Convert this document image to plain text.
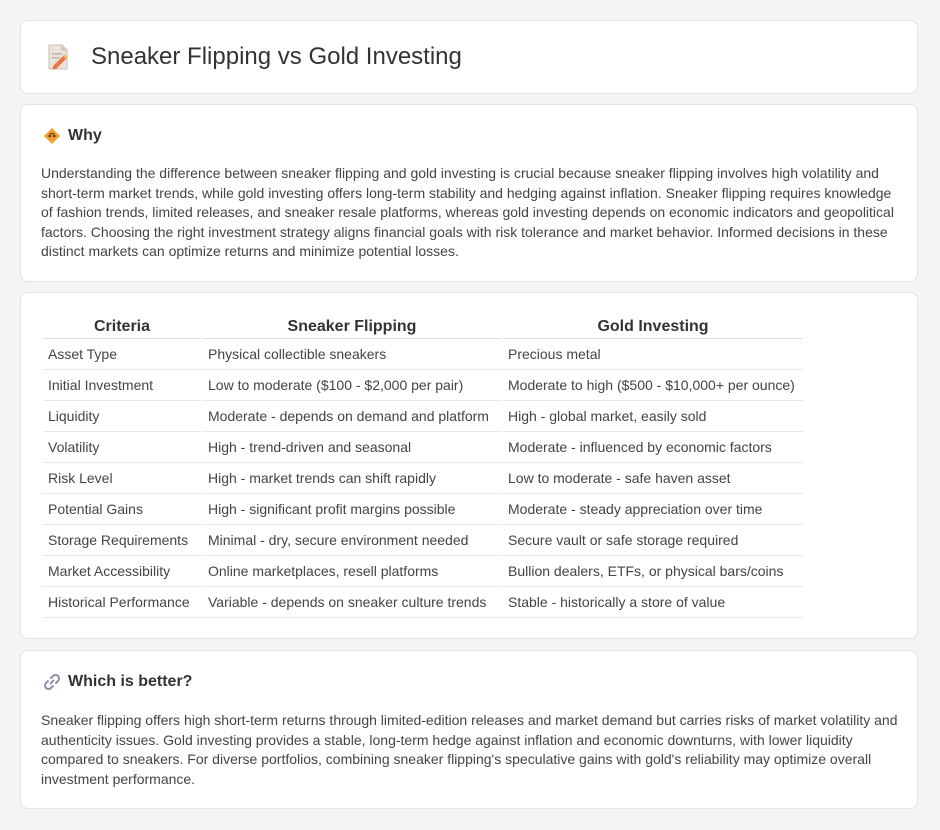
Sneaker Flipping vs Gold Investing
Why

Understanding the difference between sneaker flipping and gold investing is crucial because sneaker flipping involves high volatility and short-term market trends, while gold investing offers long-term stability and hedging against inflation. Sneaker flipping requires knowledge of fashion trends, limited releases, and sneaker resale platforms, whereas gold investing depends on economic indicators and geopolitical factors. Choosing the right investment strategy aligns financial goals with risk tolerance and market behavior. Informed decisions in these distinct markets can optimize returns and minimize potential losses.

Criteria	Sneaker Flipping	Gold Investing
Asset Type	Physical collectible sneakers	Precious metal
Initial Investment	Low to moderate ($100 - $2,000 per pair)	Moderate to high ($500 - $10,000+ per ounce)
Liquidity	Moderate - depends on demand and platform	High - global market, easily sold
Volatility	High - trend-driven and seasonal	Moderate - influenced by economic factors
Risk Level	High - market trends can shift rapidly	Low to moderate - safe haven asset
Potential Gains	High - significant profit margins possible	Moderate - steady appreciation over time
Storage Requirements	Minimal - dry, secure environment needed	Secure vault or safe storage required
Market Accessibility	Online marketplaces, resell platforms	Bullion dealers, ETFs, or physical bars/coins
Historical Performance	Variable - depends on sneaker culture trends	Stable - historically a store of value
Which is better?

Sneaker flipping offers high short-term returns through limited-edition releases and market demand but carries risks of market volatility and authenticity issues. Gold investing provides a stable, long-term hedge against inflation and economic downturns, with lower liquidity compared to sneakers. For diverse portfolios, combining sneaker flipping's speculative gains with gold's reliability may optimize overall investment performance.
